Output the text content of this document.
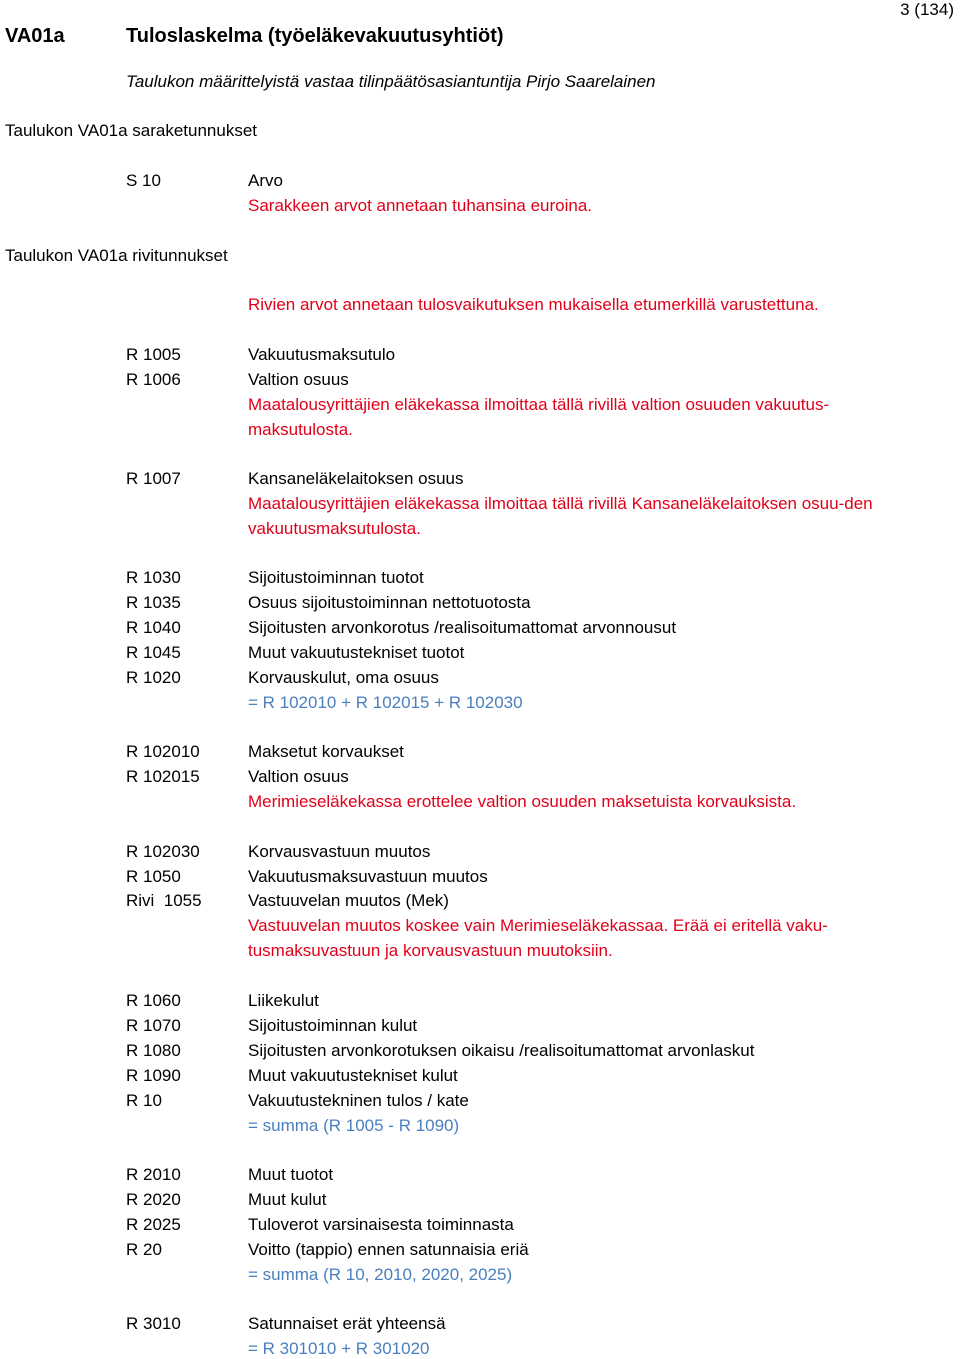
VA01a	Tuloslaskelma (työeläkevakuutusyhtiöt)
3 (134)
Taulukon määrittelyistä vastaa tilinpäätösasiantuntija Pirjo Saarelainen
Taulukon VA01a saraketunnukset
S 10	Arvo
Sarakkeen arvot annetaan tuhansina euroina.
Taulukon VA01a rivitunnukset
Rivien arvot annetaan tulosvaikutuksen mukaisella etumerkillä varustettuna.
R 1005	Vakuutusmaksutulo
R 1006	Valtion osuus
Maatalousyrittäjien eläkekassa ilmoittaa tällä rivillä valtion osuuden vakuutus-maksutulosta.
R 1007	Kansaneläkelaitoksen osuus
Maatalousyrittäjien eläkekassa ilmoittaa tällä rivillä Kansaneläkelaitoksen osuu-den vakuutusmaksutulosta.
R 1030	Sijoitustoiminnan tuotot
R 1035	Osuus sijoitustoiminnan nettotuotosta
R 1040	Sijoitusten arvonkorotus /realisoitumattomat arvonnousut
R 1045	Muut vakuutustekniset tuotot
R 1020	Korvauskulut, oma osuus
= R 102010 + R 102015 + R 102030
R 102010	Maksetut korvaukset
R 102015	Valtion osuus
Merimieseläkekassa erottelee valtion osuuden maksetuista korvauksista.
R 102030	Korvausvastuun muutos
R 1050	Vakuutusmaksuvastuun muutos
Rivi  1055	Vastuuvelan muutos (Mek)
Vastuuvelan muutos koskee vain Merimieseläkekassaa. Erää ei eritellä vaku-tusmaksuvastuun ja korvausvastuun muutoksiin.
R 1060	Liikekulut
R 1070	Sijoitustoiminnan kulut
R 1080	Sijoitusten arvonkorotuksen oikaisu /realisoitumattomat arvonlaskut
R 1090	Muut vakuutustekniset kulut
R 10	Vakuutustekninen tulos / kate
= summa (R 1005 - R 1090)
R 2010	Muut tuotot
R 2020	Muut kulut
R 2025	Tuloverot varsinaisesta toiminnasta
R 20	Voitto (tappio) ennen satunnaisia eriä
= summa (R 10, 2010, 2020, 2025)
R 3010	Satunnaiset erät yhteensä
= R 301010 + R 301020
